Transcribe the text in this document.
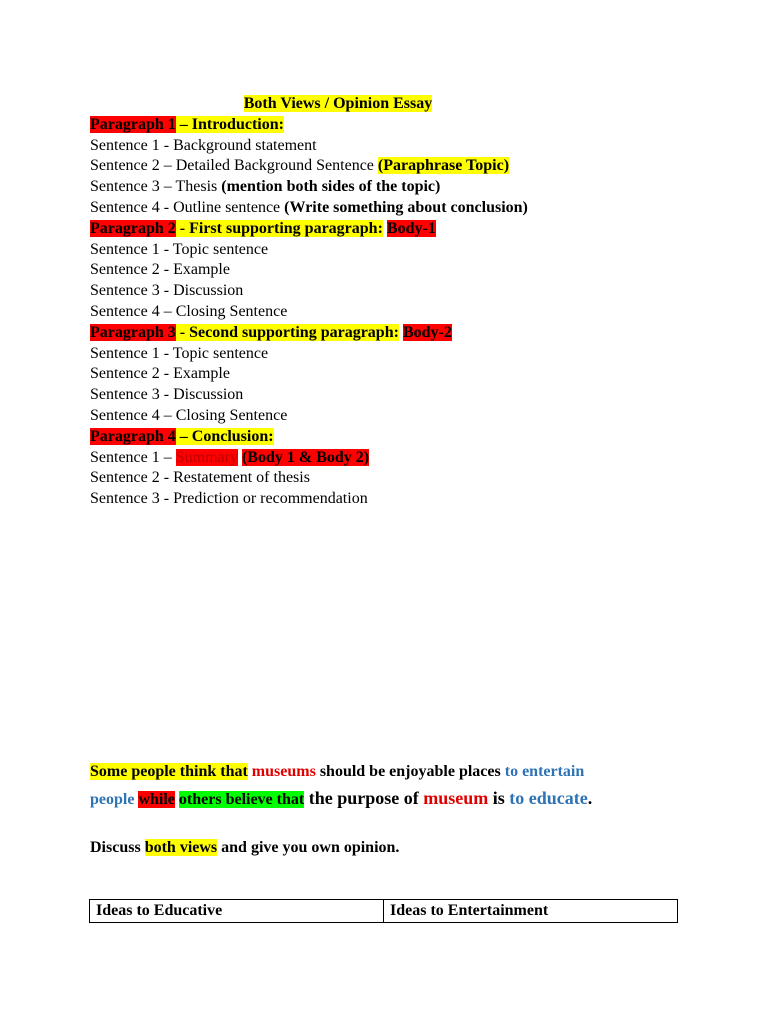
Both Views / Opinion Essay
Paragraph 1 – Introduction:
Sentence 1 - Background statement
Sentence 2 – Detailed Background Sentence (Paraphrase Topic)
Sentence 3 – Thesis (mention both sides of the topic)
Sentence 4 - Outline sentence (Write something about conclusion)
Paragraph 2 - First supporting paragraph: Body-1
Sentence 1 - Topic sentence
Sentence 2 - Example
Sentence 3 - Discussion
Sentence 4 – Closing Sentence
Paragraph 3 - Second supporting paragraph: Body-2
Sentence 1 - Topic sentence
Sentence 2 - Example
Sentence 3 - Discussion
Sentence 4 – Closing Sentence
Paragraph 4 – Conclusion:
Sentence 1 – Summary (Body 1 & Body 2)
Sentence 2 - Restatement of thesis
Sentence 3 - Prediction or recommendation
Some people think that museums should be enjoyable places to entertain
people while others believe that the purpose of museum is to educate.
Discuss both views and give you own opinion.
Ideas to Educative	Ideas to Entertainment
